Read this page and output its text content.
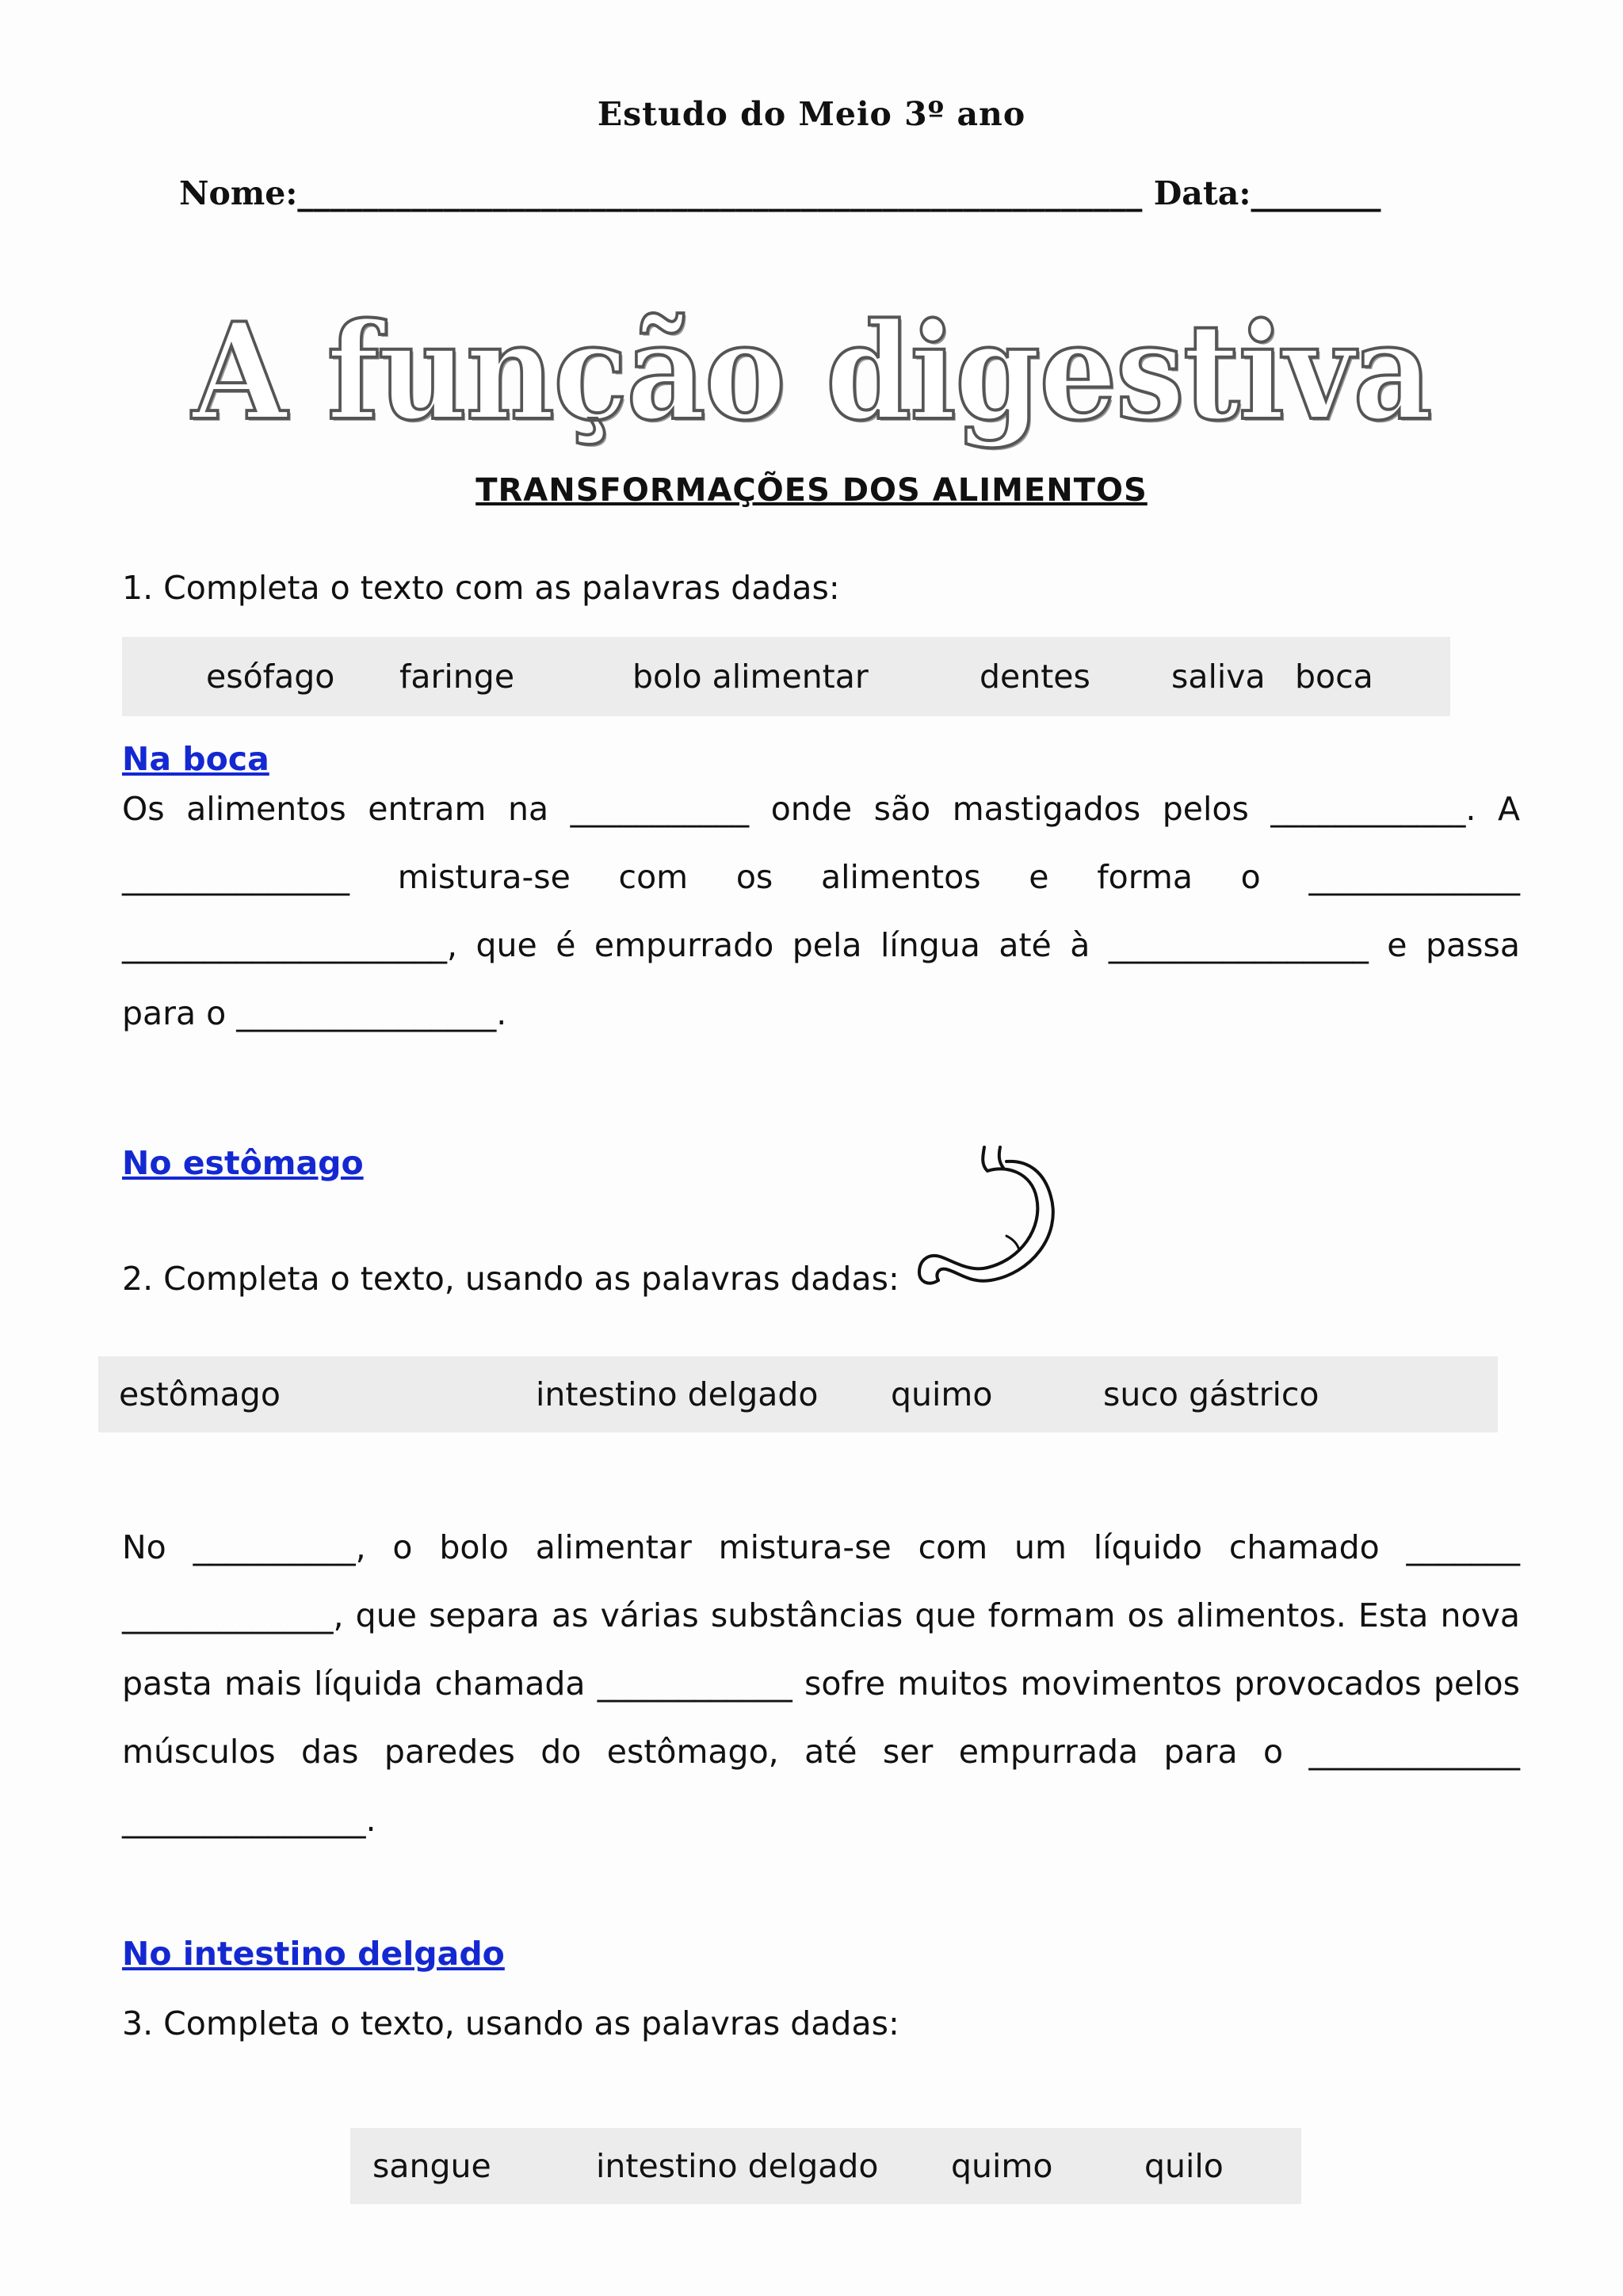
Estudo do Meio 3º ano
Nome:____________________________________________________ Data:________
A função digestiva
TRANSFORMAÇÕES DOS ALIMENTOS
1. Completa o texto com as palavras dadas:
esófago faringe	bolo alimentar	dentes saliva boca
Na boca
Os alimentos entram na ___________ onde são mastigados pelos ____________. A
______________ mistura-se com os alimentos e forma o _____________
____________________, que é empurrado pela língua até à ________________ e passa
para o ________________.
No estômago
2. Completa o texto, usando as palavras dadas:
estômago	intestino delgado quimo	suco gástrico
No __________, o bolo alimentar mistura-se com um líquido chamado _______
_____________, que separa as várias substâncias que formam os alimentos. Esta nova
pasta mais líquida chamada ____________ sofre muitos movimentos provocados pelos
músculos das paredes do estômago, até ser empurrada para o _____________
_______________.
No intestino delgado
3. Completa o texto, usando as palavras dadas:
sangue	intestino delgado quimo	quilo
